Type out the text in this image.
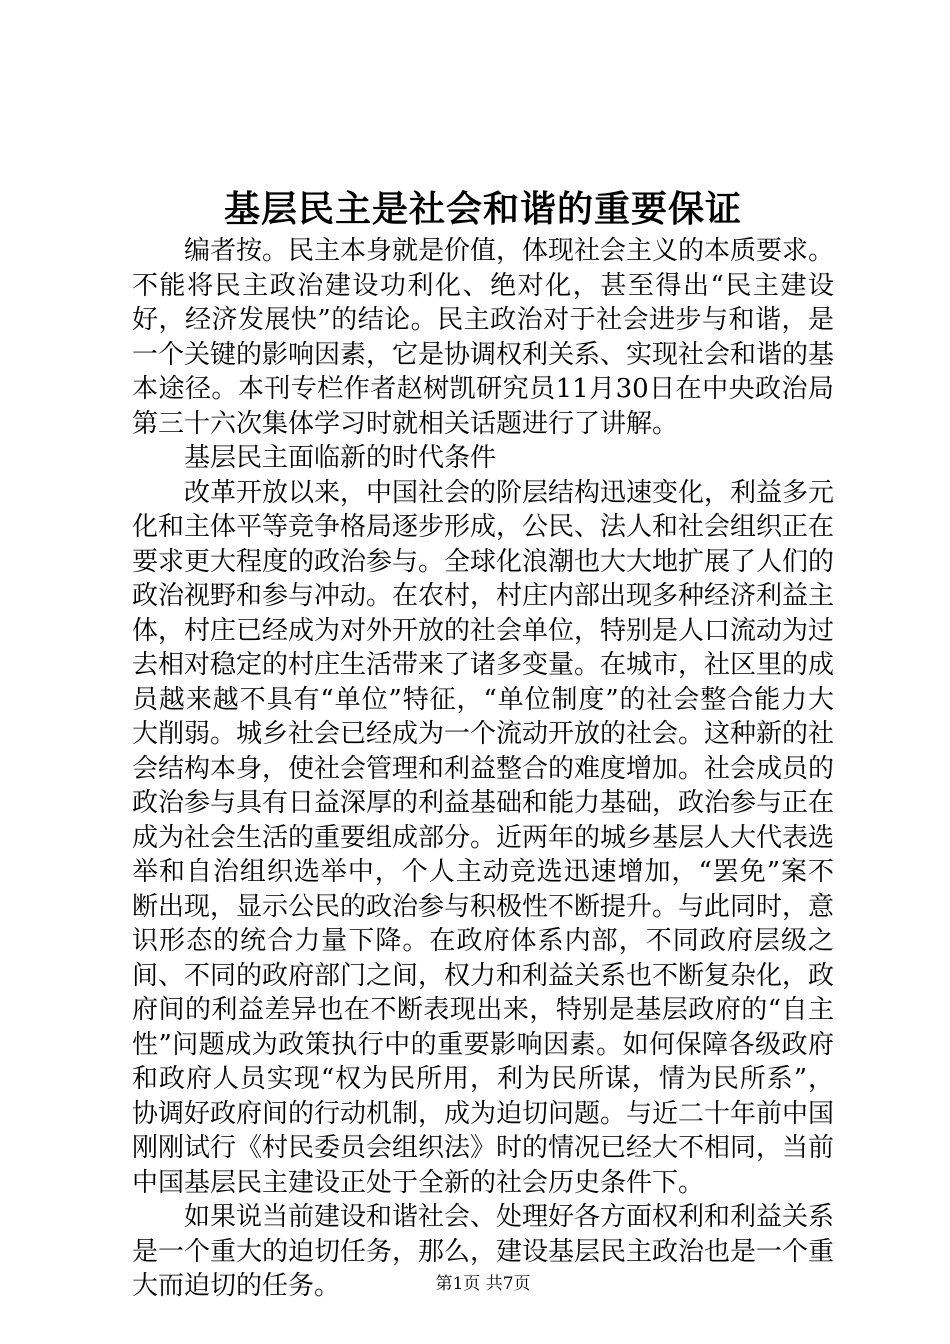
基层民主是社会和谐的重要保证

编者按。民主本身就是价值，体现社会主义的本质要求。不能将民主政治建设功利化、绝对化，甚至得出“民主建设好，经济发展快”的结论。民主政治对于社会进步与和谐，是一个关键的影响因素，它是协调权利关系、实现社会和谐的基本途径。本刊专栏作者赵树凯研究员11月30日在中央政治局第三十六次集体学习时就相关话题进行了讲解。

基层民主面临新的时代条件

改革开放以来，中国社会的阶层结构迅速变化，利益多元化和主体平等竞争格局逐步形成，公民、法人和社会组织正在要求更大程度的政治参与。全球化浪潮也大大地扩展了人们的政治视野和参与冲动。在农村，村庄内部出现多种经济利益主体，村庄已经成为对外开放的社会单位，特别是人口流动为过去相对稳定的村庄生活带来了诸多变量。在城市，社区里的成员越来越不具有“单位”特征，“单位制度”的社会整合能力大大削弱。城乡社会已经成为一个流动开放的社会。这种新的社会结构本身，使社会管理和利益整合的难度增加。社会成员的政治参与具有日益深厚的利益基础和能力基础，政治参与正在成为社会生活的重要组成部分。近两年的城乡基层人大代表选举和自治组织选举中，个人主动竞选迅速增加，“罢免”案不断出现，显示公民的政治参与积极性不断提升。与此同时，意识形态的统合力量下降。在政府体系内部，不同政府层级之间、不同的政府部门之间，权力和利益关系也不断复杂化，政府间的利益差异也在不断表现出来，特别是基层政府的“自主性”问题成为政策执行中的重要影响因素。如何保障各级政府和政府人员实现“权为民所用，利为民所谋，情为民所系”，协调好政府间的行动机制，成为迫切问题。与近二十年前中国刚刚试行《村民委员会组织法》时的情况已经大不相同，当前中国基层民主建设正处于全新的社会历史条件下。

如果说当前建设和谐社会、处理好各方面权利和利益关系是一个重大的迫切任务，那么，建设基层民主政治也是一个重大而迫切的任务。	第1页 共7页
